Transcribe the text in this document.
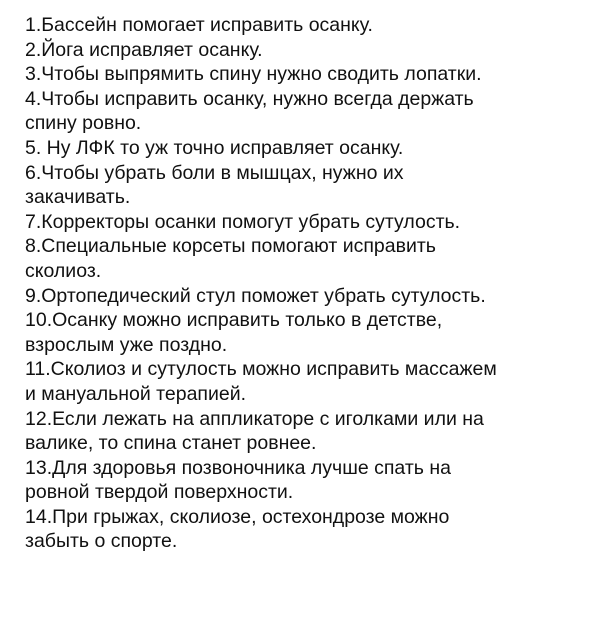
1.Бассейн помогает исправить осанку.

2.Йога исправляет осанку.

3.Чтобы выпрямить спину нужно сводить лопатки.

4.Чтобы исправить осанку, нужно всегда держать
спину ровно.

5. Ну ЛФК то уж точно исправляет осанку.

6.Чтобы убрать боли в мышцах, нужно их
закачивать.

7.Корректоры осанки помогут убрать сутулость.

8.Специальные корсеты помогают исправить
сколиоз.

9.Ортопедический стул поможет убрать сутулость.

10.Осанку можно исправить только в детстве,
взрослым уже поздно.

11.Сколиоз и сутулость можно исправить массажем
и мануальной терапией.

12.Если лежать на аппликаторе с иголками или на
валике, то спина станет ровнее.

13.Для здоровья позвоночника лучше спать на
ровной твердой поверхности.

14.При грыжах, сколиозе, остехондрозе можно
забыть о спорте.
